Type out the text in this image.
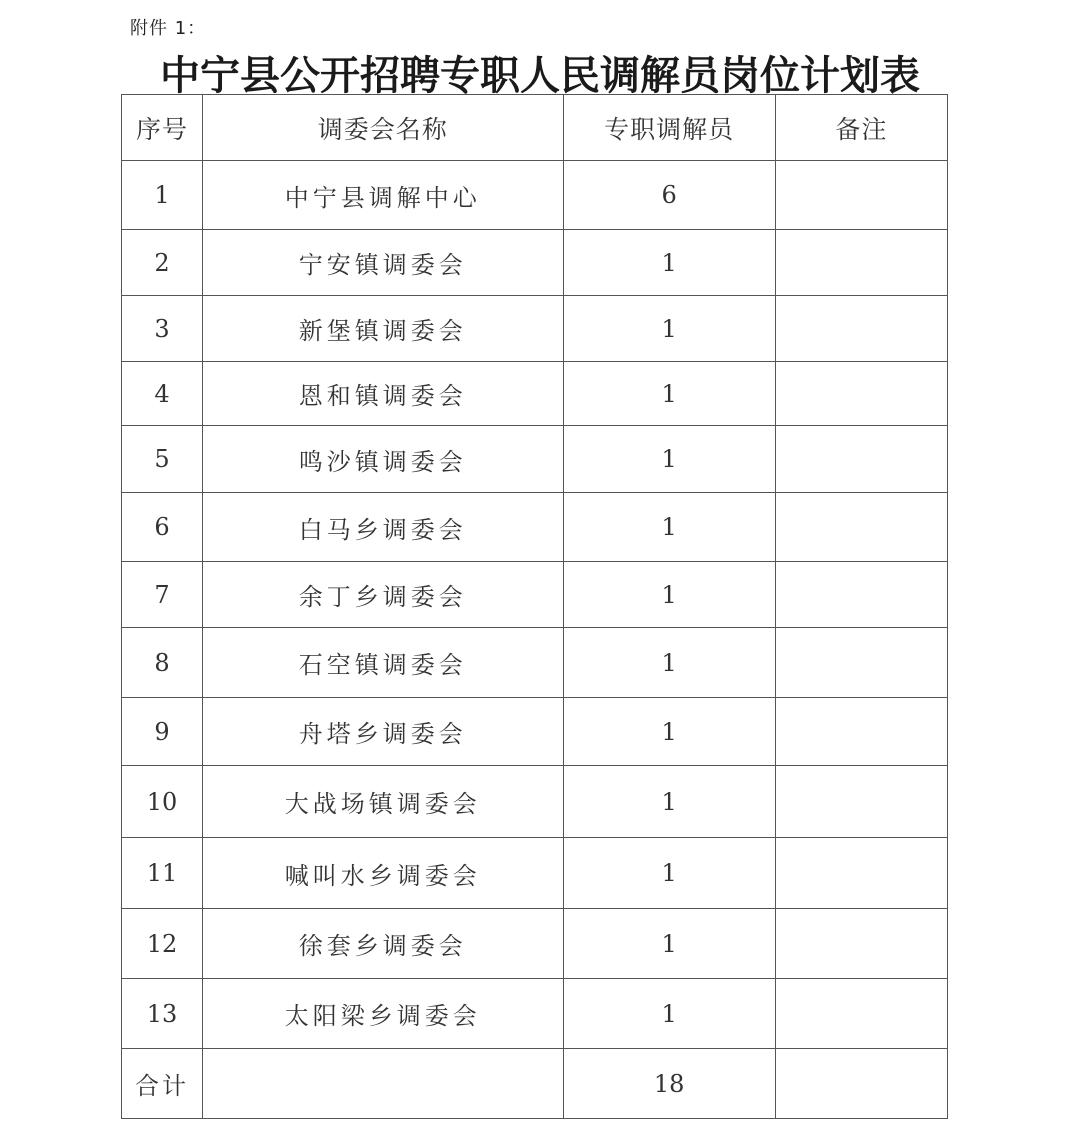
附件 1：
中宁县公开招聘专职人民调解员岗位计划表
序号	调委会名称	专职调解员	备注
1	中宁县调解中心	6	
2	宁安镇调委会	1	
3	新堡镇调委会	1	
4	恩和镇调委会	1	
5	鸣沙镇调委会	1	
6	白马乡调委会	1	
7	余丁乡调委会	1	
8	石空镇调委会	1	
9	舟塔乡调委会	1	
10	大战场镇调委会	1	
11	喊叫水乡调委会	1	
12	徐套乡调委会	1	
13	太阳梁乡调委会	1	
合计		18	
